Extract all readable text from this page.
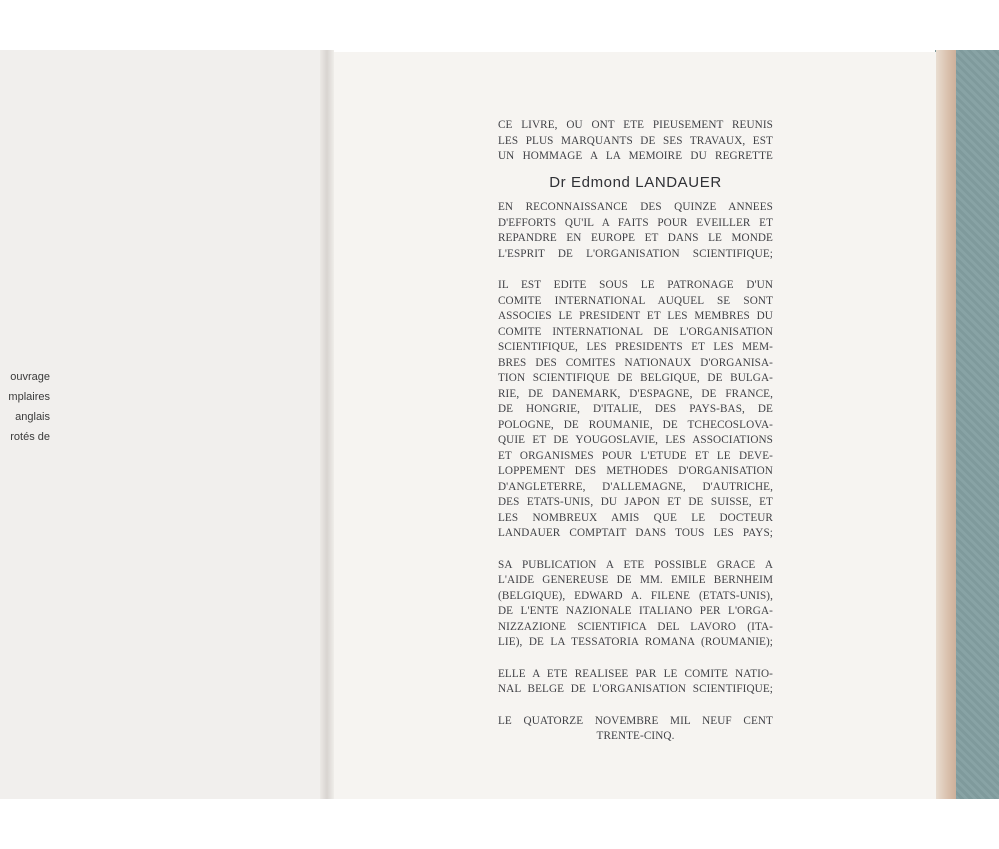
ouvrage
mplaires
anglais
rotés de
CE LIVRE, OU ONT ETE PIEUSEMENT REUNIS
LES PLUS MARQUANTS DE SES TRAVAUX, EST
UN HOMMAGE A LA MEMOIRE DU REGRETTE
Dr Edmond LANDAUER
EN RECONNAISSANCE DES QUINZE ANNEES
D'EFFORTS QU'IL A FAITS POUR EVEILLER ET
REPANDRE EN EUROPE ET DANS LE MONDE
L'ESPRIT DE L'ORGANISATION SCIENTIFIQUE;
IL EST EDITE SOUS LE PATRONAGE D'UN
COMITE INTERNATIONAL AUQUEL SE SONT
ASSOCIES LE PRESIDENT ET LES MEMBRES DU
COMITE INTERNATIONAL DE L'ORGANISATION
SCIENTIFIQUE, LES PRESIDENTS ET LES MEM-
BRES DES COMITES NATIONAUX D'ORGANISA-
TION SCIENTIFIQUE DE BELGIQUE, DE BULGA-
RIE, DE DANEMARK, D'ESPAGNE, DE FRANCE,
DE HONGRIE, D'ITALIE, DES PAYS-BAS, DE
POLOGNE, DE ROUMANIE, DE TCHECOSLOVA-
QUIE ET DE YOUGOSLAVIE, LES ASSOCIATIONS
ET ORGANISMES POUR L'ETUDE ET LE DEVE-
LOPPEMENT DES METHODES D'ORGANISATION
D'ANGLETERRE, D'ALLEMAGNE, D'AUTRICHE,
DES ETATS-UNIS, DU JAPON ET DE SUISSE, ET
LES NOMBREUX AMIS QUE LE DOCTEUR
LANDAUER COMPTAIT DANS TOUS LES PAYS;
SA PUBLICATION A ETE POSSIBLE GRACE A
L'AIDE GENEREUSE DE MM. EMILE BERNHEIM
(BELGIQUE), EDWARD A. FILENE (ETATS-UNIS),
DE L'ENTE NAZIONALE ITALIANO PER L'ORGA-
NIZZAZIONE SCIENTIFICA DEL LAVORO (ITA-
LIE), DE LA TESSATORIA ROMANA (ROUMANIE);
ELLE A ETE REALISEE PAR LE COMITE NATIO-
NAL BELGE DE L'ORGANISATION SCIENTIFIQUE;
LE QUATORZE NOVEMBRE MIL NEUF CENT
TRENTE-CINQ.
